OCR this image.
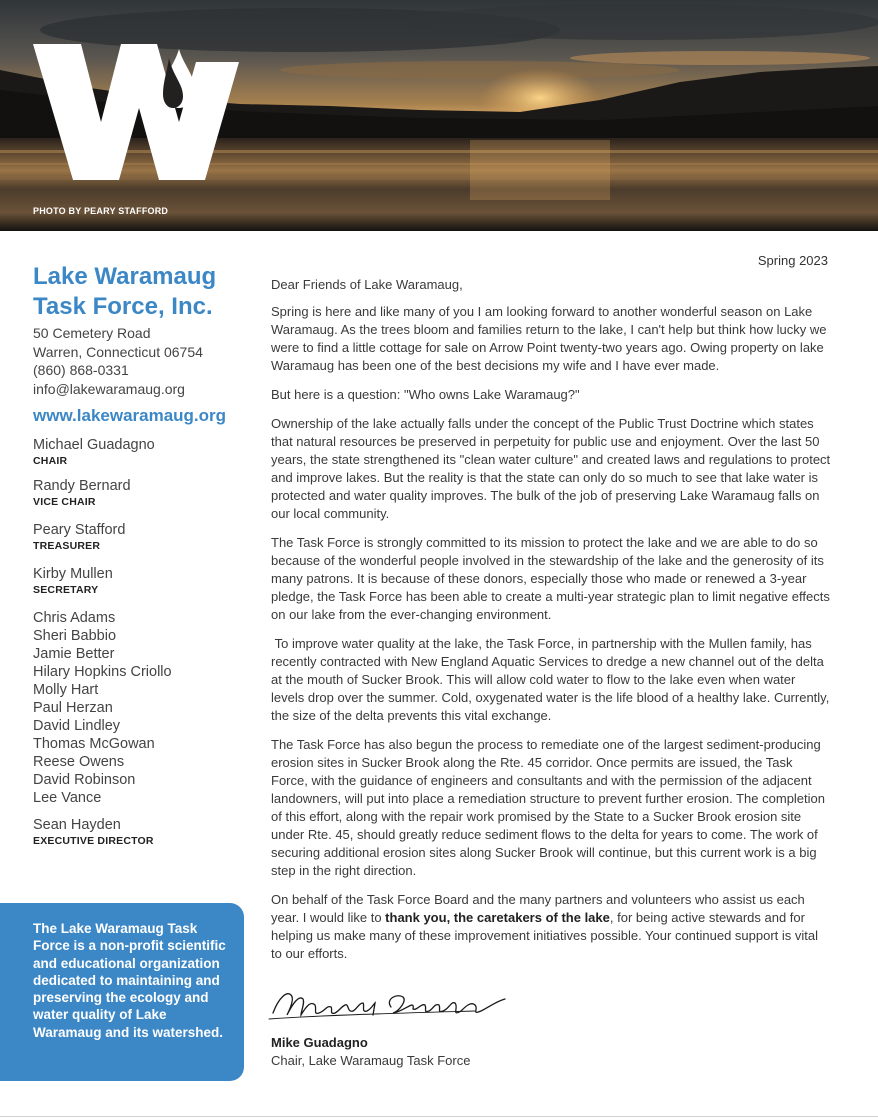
PHOTO BY PEARY STAFFORD
Lake Waramaug
Task Force, Inc.
50 Cemetery Road
Warren, Connecticut 06754
(860) 868-0331
info@lakewaramaug.org
www.lakewaramaug.org
Michael Guadagno
CHAIR
Randy Bernard
VICE CHAIR
Peary Stafford
TREASURER
Kirby Mullen
SECRETARY
Chris Adams
Sheri Babbio
Jamie Better
Hilary Hopkins Criollo
Molly Hart
Paul Herzan
David Lindley
Thomas McGowan
Reese Owens
David Robinson
Lee Vance
Sean Hayden
EXECUTIVE DIRECTOR

The Lake Waramaug Task Force is a non-profit scientific and educational organization dedicated to maintaining and preserving the ecology and water quality of Lake Waramaug and its watershed.

Spring 2023

Dear Friends of Lake Waramaug,

Spring is here and like many of you I am looking forward to another wonderful season on Lake Waramaug. As the trees bloom and families return to the lake, I can't help but think how lucky we were to find a little cottage for sale on Arrow Point twenty-two years ago. Owing property on lake Waramaug has been one of the best decisions my wife and I have ever made.

But here is a question: "Who owns Lake Waramaug?"

Ownership of the lake actually falls under the concept of the Public Trust Doctrine which states that natural resources be preserved in perpetuity for public use and enjoyment. Over the last 50 years, the state strengthened its "clean water culture" and created laws and regulations to protect and improve lakes. But the reality is that the state can only do so much to see that lake water is protected and water quality improves. The bulk of the job of preserving Lake Waramaug falls on our local community.

The Task Force is strongly committed to its mission to protect the lake and we are able to do so because of the wonderful people involved in the stewardship of the lake and the generosity of its many patrons. It is because of these donors, especially those who made or renewed a 3-year pledge, the Task Force has been able to create a multi-year strategic plan to limit negative effects on our lake from the ever-changing environment.

To improve water quality at the lake, the Task Force, in partnership with the Mullen family, has recently contracted with New England Aquatic Services to dredge a new channel out of the delta at the mouth of Sucker Brook. This will allow cold water to flow to the lake even when water levels drop over the summer. Cold, oxygenated water is the life blood of a healthy lake. Currently, the size of the delta prevents this vital exchange.

The Task Force has also begun the process to remediate one of the largest sediment-producing erosion sites in Sucker Brook along the Rte. 45 corridor. Once permits are issued, the Task Force, with the guidance of engineers and consultants and with the permission of the adjacent landowners, will put into place a remediation structure to prevent further erosion. The completion of this effort, along with the repair work promised by the State to a Sucker Brook erosion site under Rte. 45, should greatly reduce sediment flows to the delta for years to come. The work of securing additional erosion sites along Sucker Brook will continue, but this current work is a big step in the right direction.

On behalf of the Task Force Board and the many partners and volunteers who assist us each year. I would like to thank you, the caretakers of the lake, for being active stewards and for helping us make many of these improvement initiatives possible. Your continued support is vital to our efforts.

Mike Guadagno
Chair, Lake Waramaug Task Force
